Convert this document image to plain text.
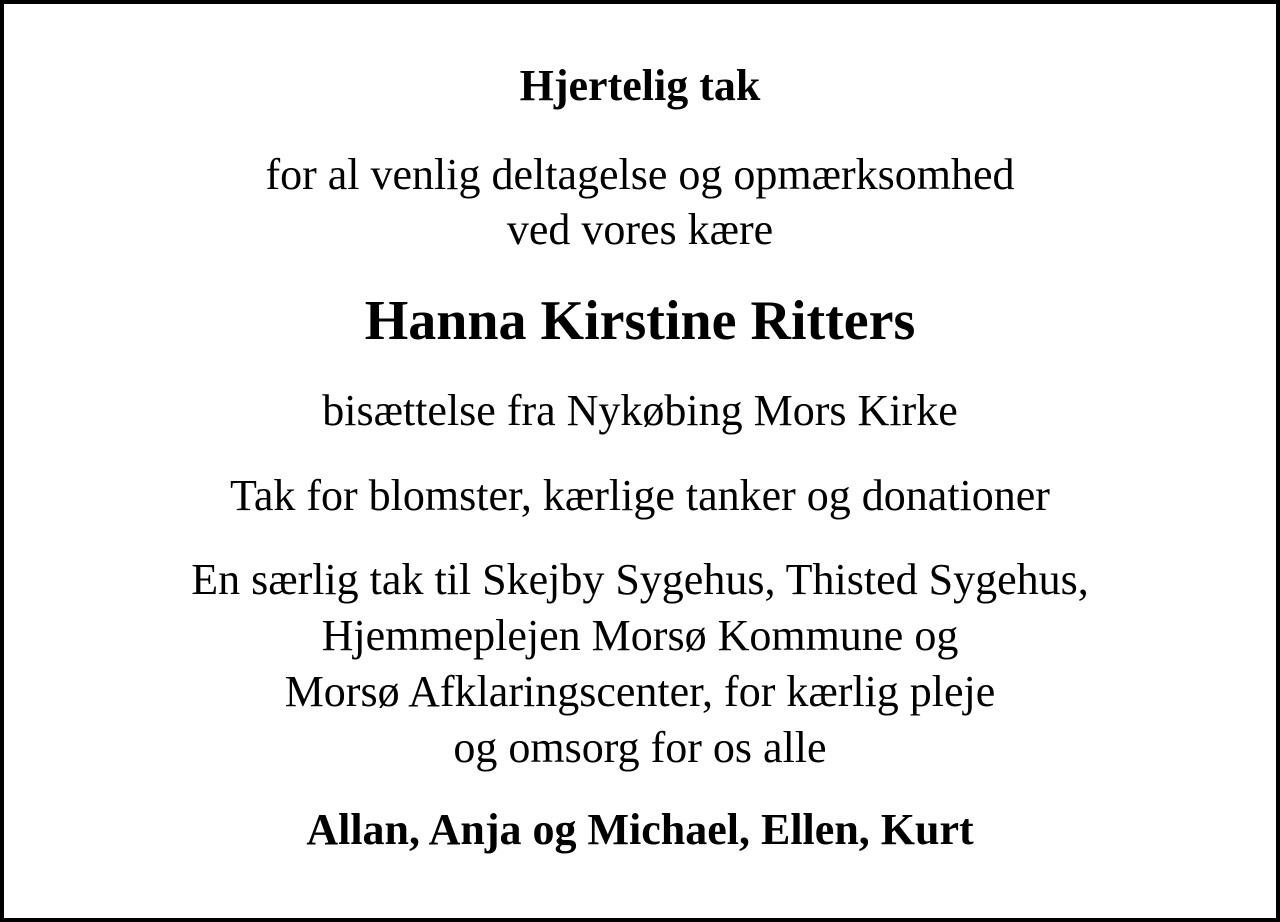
Hjertelig tak

for al venlig deltagelse og opmærksomhed
ved vores kære

Hanna Kirstine Ritters

bisættelse fra Nykøbing Mors Kirke

Tak for blomster, kærlige tanker og donationer

En særlig tak til Skejby Sygehus, Thisted Sygehus,
Hjemmeplejen Morsø Kommune og
Morsø Afklaringscenter, for kærlig pleje
og omsorg for os alle

Allan, Anja og Michael, Ellen, Kurt
